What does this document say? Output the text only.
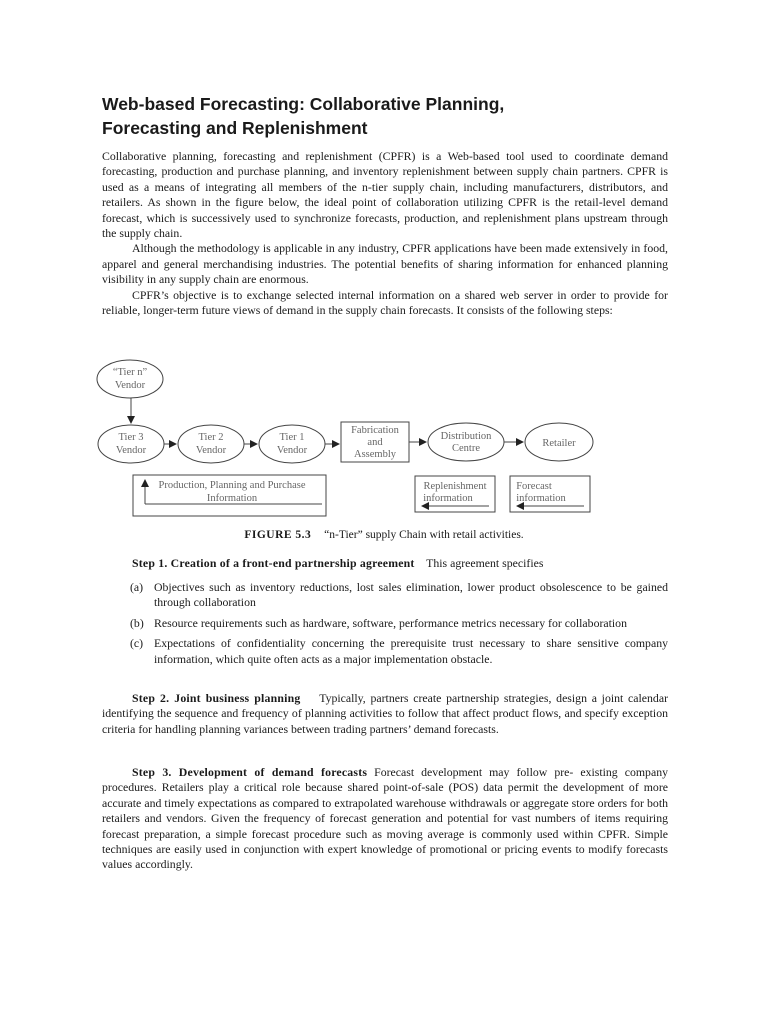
Web-based Forecasting: Collaborative Planning,
Forecasting and Replenishment

Collaborative planning, forecasting and replenishment (CPFR) is a Web-based tool used to coordinate demand forecasting, production and purchase planning, and inventory replenishment between supply chain partners. CPFR is used as a means of integrating all members of the n-tier supply chain, including manufacturers, distributors, and retailers. As shown in the figure below, the ideal point of collaboration utilizing CPFR is the retail-level demand forecast, which is successively used to synchronize forecasts, production, and replenishment plans upstream through the supply chain.

Although the methodology is applicable in any industry, CPFR applications have been made extensively in food, apparel and general merchandising industries. The potential benefits of sharing information for enhanced planning visibility in any supply chain are enormous.

CPFR’s objective is to exchange selected internal information on a shared web server in order to provide for reliable, longer-term future views of demand in the supply chain forecasts. It consists of the following steps:

“Tier n”
Vendor
Tier 3
Vendor
Tier 2
Vendor
Tier 1
Vendor
Fabrication
and
Assembly
Distribution
Centre	Retailer
Production, Planning and Purchase
Information
Replenishment
information
Forecast
information
FIGURE 5.3 “n-Tier” supply Chain with retail activities.

Step 1. Creation of a front-end partnership agreement This agreement specifies

(a) Objectives such as inventory reductions, lost sales elimination, lower product obsolescence to be gained through collaboration
(b) Resource requirements such as hardware, software, performance metrics necessary for collaboration
(c) Expectations of confidentiality concerning the prerequisite trust necessary to share sensitive company information, which quite often acts as a major implementation obstacle.

Step 2. Joint business planning Typically, partners create partnership strategies, design a joint calendar identifying the sequence and frequency of planning activities to follow that affect product flows, and specify exception criteria for handling planning variances between trading partners’ demand forecasts.

Step 3. Development of demand forecasts Forecast development may follow pre- existing company procedures. Retailers play a critical role because shared point-of-sale (POS) data permit the development of more accurate and timely expectations as compared to extrapolated warehouse withdrawals or aggregate store orders for both retailers and vendors. Given the frequency of forecast generation and potential for vast numbers of items requiring forecast preparation, a simple forecast procedure such as moving average is commonly used within CPFR. Simple techniques are easily used in conjunction with expert knowledge of promotional or pricing events to modify forecasts values accordingly.
